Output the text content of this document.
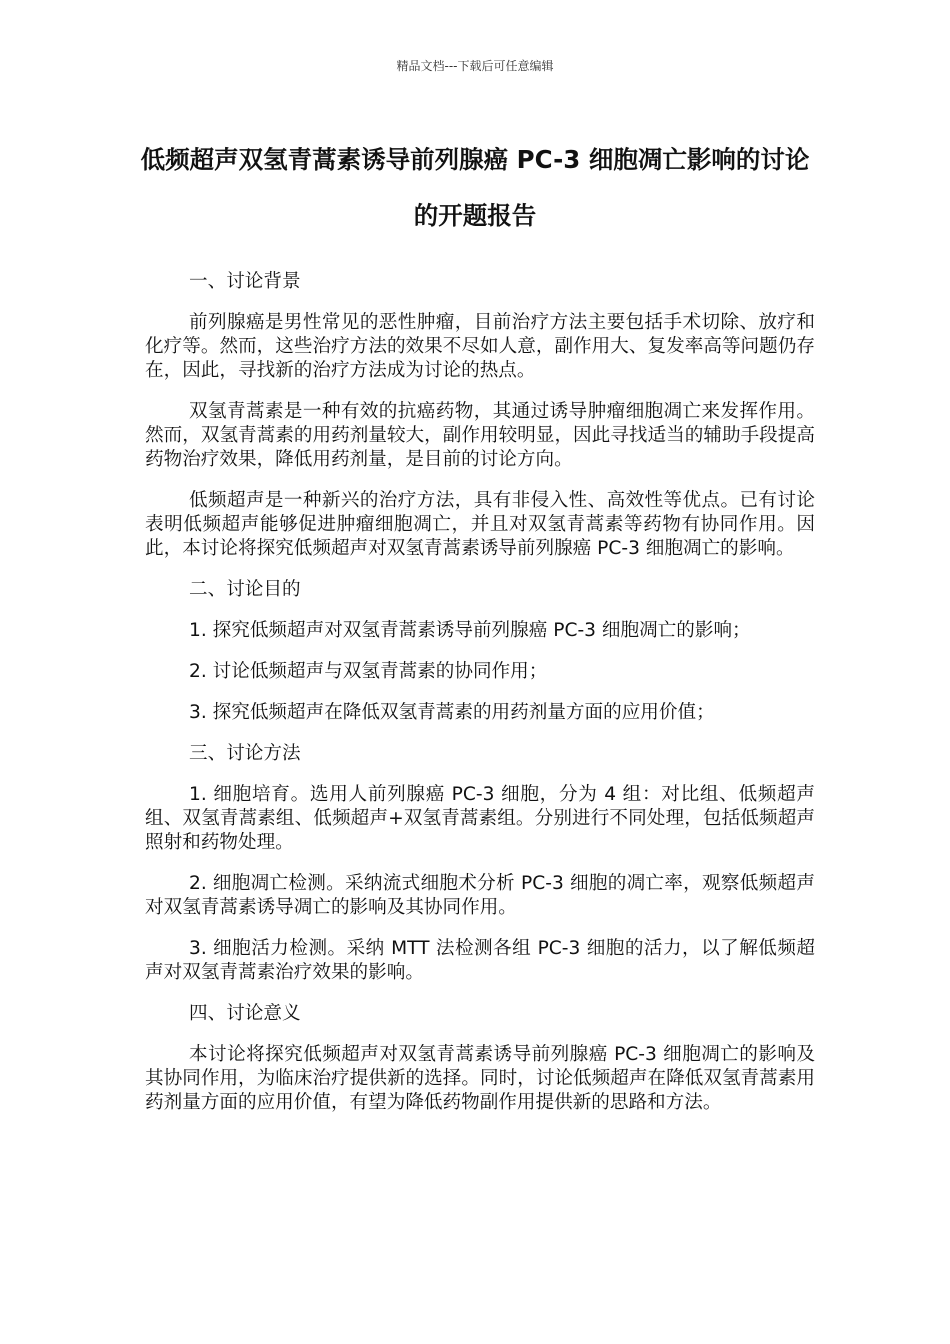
精品文档---下载后可任意编辑
低频超声双氢青蒿素诱导前列腺癌 PC-3 细胞凋亡影响的讨论的开题报告
一、讨论背景

前列腺癌是男性常见的恶性肿瘤，目前治疗方法主要包括手术切除、放疗和化疗等。然而，这些治疗方法的效果不尽如人意，副作用大、复发率高等问题仍存在，因此，寻找新的治疗方法成为讨论的热点。

双氢青蒿素是一种有效的抗癌药物，其通过诱导肿瘤细胞凋亡来发挥作用。然而，双氢青蒿素的用药剂量较大，副作用较明显，因此寻找适当的辅助手段提高药物治疗效果，降低用药剂量，是目前的讨论方向。

低频超声是一种新兴的治疗方法，具有非侵入性、高效性等优点。已有讨论表明低频超声能够促进肿瘤细胞凋亡，并且对双氢青蒿素等药物有协同作用。因此，本讨论将探究低频超声对双氢青蒿素诱导前列腺癌 PC-3 细胞凋亡的影响。

二、讨论目的

1. 探究低频超声对双氢青蒿素诱导前列腺癌 PC-3 细胞凋亡的影响；

2. 讨论低频超声与双氢青蒿素的协同作用；

3. 探究低频超声在降低双氢青蒿素的用药剂量方面的应用价值；

三、讨论方法

1. 细胞培育。选用人前列腺癌 PC-3 细胞，分为 4 组：对比组、低频超声组、双氢青蒿素组、低频超声+双氢青蒿素组。分别进行不同处理，包括低频超声照射和药物处理。

2. 细胞凋亡检测。采纳流式细胞术分析 PC-3 细胞的凋亡率，观察低频超声对双氢青蒿素诱导凋亡的影响及其协同作用。

3. 细胞活力检测。采纳 MTT 法检测各组 PC-3 细胞的活力，以了解低频超声对双氢青蒿素治疗效果的影响。

四、讨论意义

本讨论将探究低频超声对双氢青蒿素诱导前列腺癌 PC-3 细胞凋亡的影响及其协同作用，为临床治疗提供新的选择。同时，讨论低频超声在降低双氢青蒿素用药剂量方面的应用价值，有望为降低药物副作用提供新的思路和方法。
